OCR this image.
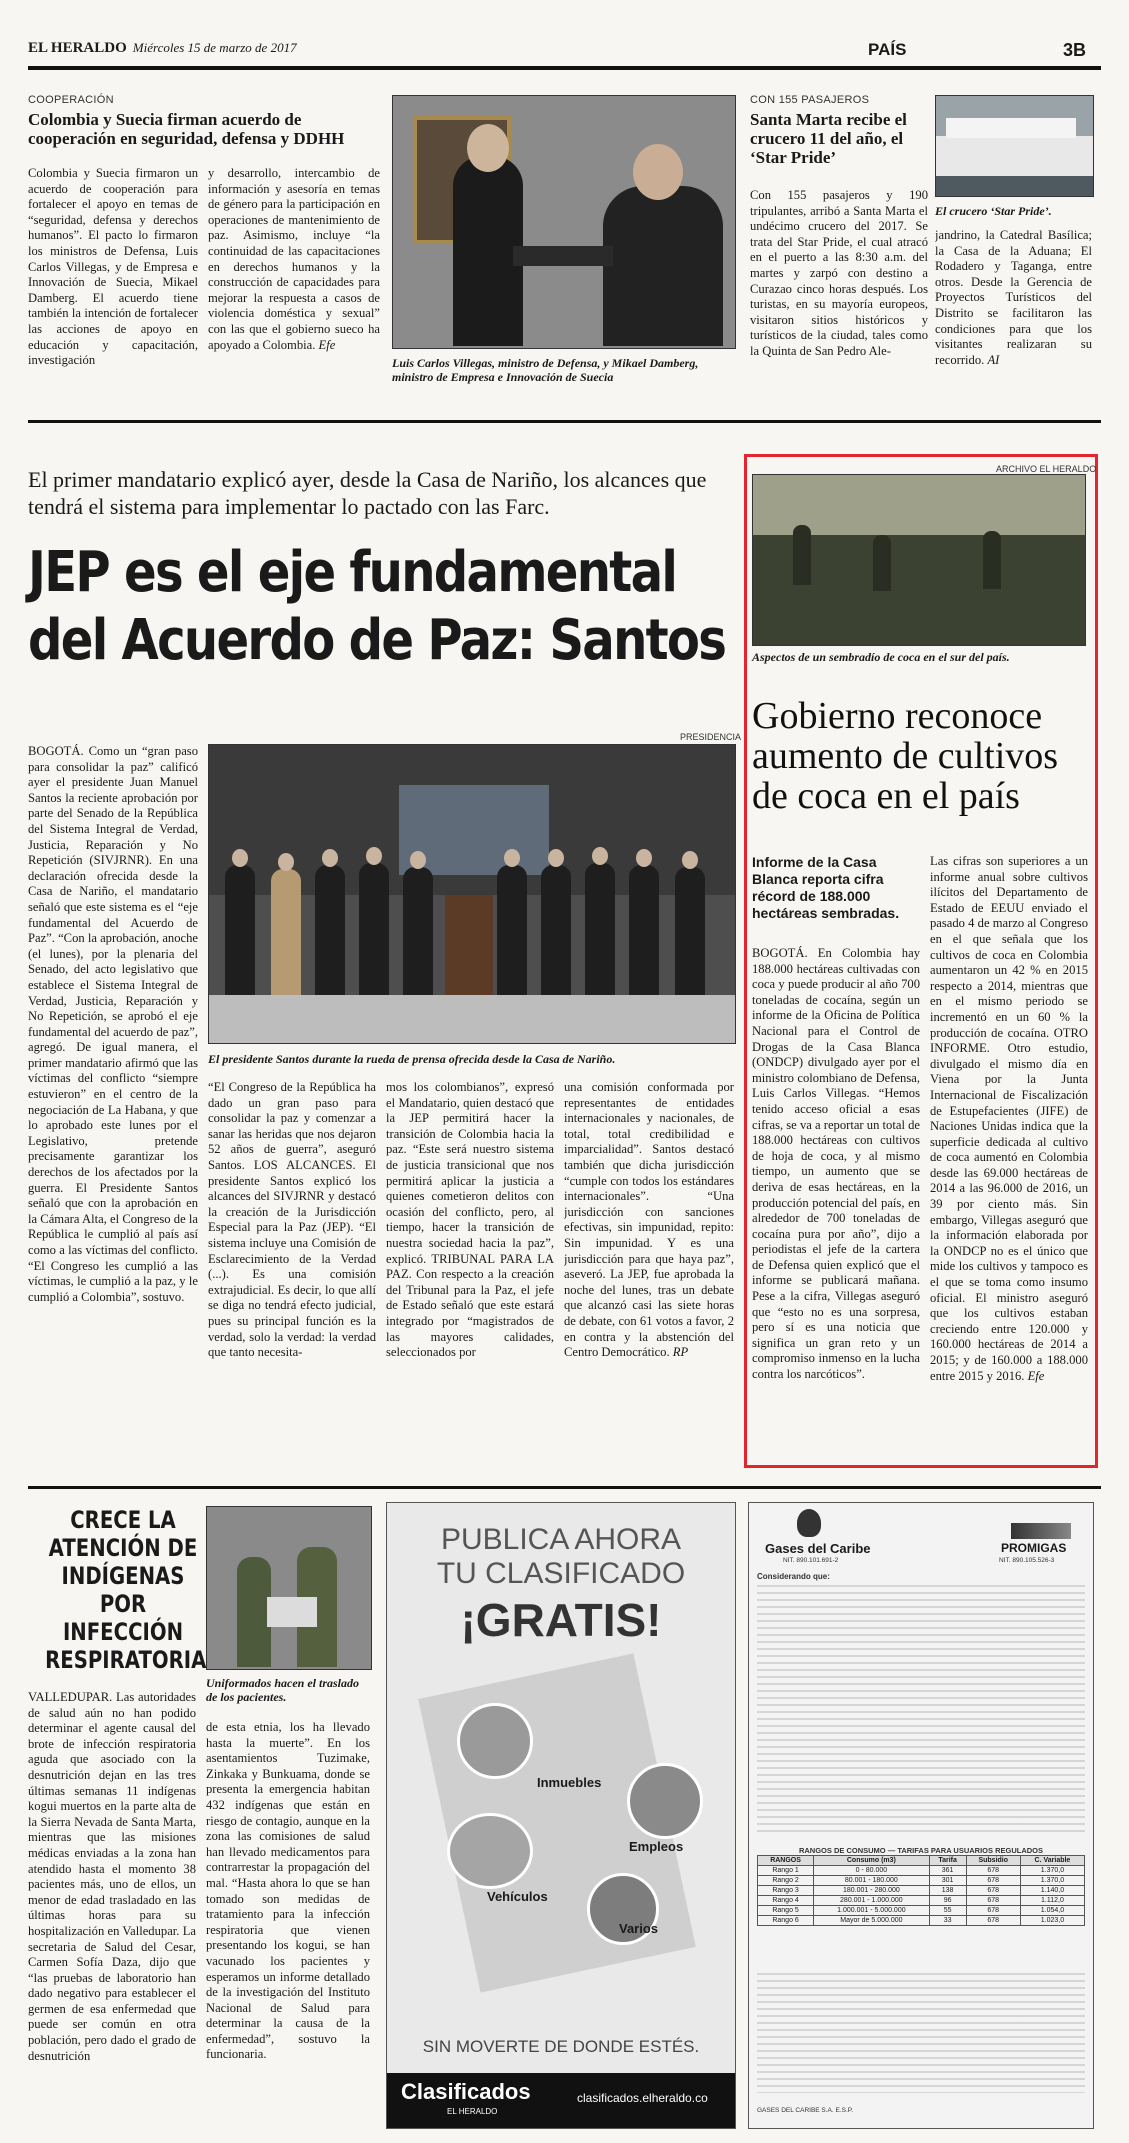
EL HERALDO Miércoles 15 de marzo de 2017	PAÍS	3B
COOPERACIÓN
Colombia y Suecia firman acuerdo de cooperación en seguridad, defensa y DDHH

Colombia y Suecia firmaron un acuerdo de cooperación para fortalecer el apoyo en temas de “seguridad, defensa y derechos humanos”. El pacto lo firmaron los ministros de Defensa, Luis Carlos Villegas, y de Empresa e Innovación de Suecia, Mikael Damberg. El acuerdo tiene también la intención de fortalecer las acciones de apoyo en educación y capacitación, investigación

y desarrollo, intercambio de información y asesoría en temas de género para la participación en operaciones de mantenimiento de paz. Asimismo, incluye “la continuidad de las capacitaciones en derechos humanos y la construcción de capacidades para mejorar la respuesta a casos de violencia doméstica y sexual” con las que el gobierno sueco ha apoyado a Colombia. Efe

Luis Carlos Villegas, ministro de Defensa, y Mikael Damberg, ministro de Empresa e Innovación de Suecia
CON 155 PASAJEROS
Santa Marta recibe el crucero 11 del año, el ‘Star Pride’

Con 155 pasajeros y 190 tripulantes, arribó a Santa Marta el undécimo crucero del 2017. Se trata del Star Pride, el cual atracó en el puerto a las 8:30 a.m. del martes y zarpó con destino a Curazao cinco horas después. Los turistas, en su mayoría europeos, visitaron sitios históricos y turísticos de la ciudad, tales como la Quinta de San Pedro Ale-

El crucero ‘Star Pride’.

jandrino, la Catedral Basílica; la Casa de la Aduana; El Rodadero y Taganga, entre otros. Desde la Gerencia de Proyectos Turísticos del Distrito se facilitaron las condiciones para que los visitantes realizaran su recorrido. AI

El primer mandatario explicó ayer, desde la Casa de Nariño, los alcances que tendrá el sistema para implementar lo pactado con las Farc.
JEP es el eje fundamental
del Acuerdo de Paz: Santos
PRESIDENCIA
El presidente Santos durante la rueda de prensa ofrecida desde la Casa de Nariño.

BOGOTÁ. Como un “gran paso para consolidar la paz” calificó ayer el presidente Juan Manuel Santos la reciente aprobación por parte del Senado de la República del Sistema Integral de Verdad, Justicia, Reparación y No Repetición (SIVJRNR). En una declaración ofrecida desde la Casa de Nariño, el mandatario señaló que este sistema es el “eje fundamental del Acuerdo de Paz”. “Con la aprobación, anoche (el lunes), por la plenaria del Senado, del acto legislativo que establece el Sistema Integral de Verdad, Justicia, Reparación y No Repetición, se aprobó el eje fundamental del acuerdo de paz”, agregó. De igual manera, el primer mandatario afirmó que las víctimas del conflicto “siempre estuvieron” en el centro de la negociación de La Habana, y que lo aprobado este lunes por el Legislativo, pretende precisamente garantizar los derechos de los afectados por la guerra. El Presidente Santos señaló que con la aprobación en la Cámara Alta, el Congreso de la República le cumplió al país así como a las víctimas del conflicto. “El Congreso les cumplió a las víctimas, le cumplió a la paz, y le cumplió a Colombia”, sostuvo.

“El Congreso de la República ha dado un gran paso para consolidar la paz y comenzar a sanar las heridas que nos dejaron 52 años de guerra”, aseguró Santos. LOS ALCANCES. El presidente Santos explicó los alcances del SIVJRNR y destacó la creación de la Jurisdicción Especial para la Paz (JEP). “El sistema incluye una Comisión de Esclarecimiento de la Verdad (...). Es una comisión extrajudicial. Es decir, lo que allí se diga no tendrá efecto judicial, pues su principal función es la verdad, solo la verdad: la verdad que tanto necesita-

mos los colombianos”, expresó el Mandatario, quien destacó que la JEP permitirá hacer la transición de Colombia hacia la paz. “Este será nuestro sistema de justicia transicional que nos permitirá aplicar la justicia a quienes cometieron delitos con ocasión del conflicto, pero, al tiempo, hacer la transición de nuestra sociedad hacia la paz”, explicó. TRIBUNAL PARA LA PAZ. Con respecto a la creación del Tribunal para la Paz, el jefe de Estado señaló que este estará integrado por “magistrados de las mayores calidades, seleccionados por

una comisión conformada por representantes de entidades internacionales y nacionales, de total, total credibilidad e imparcialidad”. Santos destacó también que dicha jurisdicción “cumple con todos los estándares internacionales”. “Una jurisdicción con sanciones efectivas, sin impunidad, repito: Sin impunidad. Y es una jurisdicción para que haya paz”, aseveró. La JEP, fue aprobada la noche del lunes, tras un debate que alcanzó casi las siete horas de debate, con 61 votos a favor, 2 en contra y la abstención del Centro Democrático. RP

ARCHIVO EL HERALDO
Aspectos de un sembradío de coca en el sur del país.
Gobierno reconoce aumento de cultivos de coca en el país
Informe de la Casa Blanca reporta cifra récord de 188.000 hectáreas sembradas.

BOGOTÁ. En Colombia hay 188.000 hectáreas cultivadas con coca y puede producir al año 700 toneladas de cocaína, según un informe de la Oficina de Política Nacional para el Control de Drogas de la Casa Blanca (ONDCP) divulgado ayer por el ministro colombiano de Defensa, Luis Carlos Villegas. “Hemos tenido acceso oficial a esas cifras, se va a reportar un total de 188.000 hectáreas con cultivos de hoja de coca, y al mismo tiempo, un aumento que se deriva de esas hectáreas, en la producción potencial del país, en alrededor de 700 toneladas de cocaína pura por año”, dijo a periodistas el jefe de la cartera de Defensa quien explicó que el informe se publicará mañana. Pese a la cifra, Villegas aseguró que “esto no es una sorpresa, pero sí es una noticia que significa un gran reto y un compromiso inmenso en la lucha contra los narcóticos”.

Las cifras son superiores a un informe anual sobre cultivos ilícitos del Departamento de Estado de EEUU enviado el pasado 4 de marzo al Congreso en el que señala que los cultivos de coca en Colombia aumentaron un 42 % en 2015 respecto a 2014, mientras que en el mismo periodo se incrementó en un 60 % la producción de cocaína. OTRO INFORME. Otro estudio, divulgado el mismo día en Viena por la Junta Internacional de Fiscalización de Estupefacientes (JIFE) de Naciones Unidas indica que la superficie dedicada al cultivo de coca aumentó en Colombia desde las 69.000 hectáreas de 2014 a las 96.000 de 2016, un 39 por ciento más. Sin embargo, Villegas aseguró que la información elaborada por la ONDCP no es el único que mide los cultivos y tampoco es el que se toma como insumo oficial. El ministro aseguró que los cultivos estaban creciendo entre 120.000 y 160.000 hectáreas de 2014 a 2015; y de 160.000 a 188.000 entre 2015 y 2016. Efe

CRECE LA ATENCIÓN DE INDÍGENAS POR INFECCIÓN RESPIRATORIA
Uniformados hacen el traslado de los pacientes.

VALLEDUPAR. Las autoridades de salud aún no han podido determinar el agente causal del brote de infección respiratoria aguda que asociado con la desnutrición dejan en las tres últimas semanas 11 indígenas kogui muertos en la parte alta de la Sierra Nevada de Santa Marta, mientras que las misiones médicas enviadas a la zona han atendido hasta el momento 38 pacientes más, uno de ellos, un menor de edad trasladado en las últimas horas para su hospitalización en Valledupar. La secretaria de Salud del Cesar, Carmen Sofía Daza, dijo que “las pruebas de laboratorio han dado negativo para establecer el germen de esa enfermedad que puede ser común en otra población, pero dado el grado de desnutrición

de esta etnia, los ha llevado hasta la muerte”. En los asentamientos Tuzimake, Zinkaka y Bunkuama, donde se presenta la emergencia habitan 432 indígenas que están en riesgo de contagio, aunque en la zona las comisiones de salud han llevado medicamentos para contrarrestar la propagación del mal. “Hasta ahora lo que se han tomado son medidas de tratamiento para la infección respiratoria que vienen presentando los kogui, se han vacunado los pacientes y esperamos un informe detallado de la investigación del Instituto Nacional de Salud para determinar la causa de la enfermedad”, sostuvo la funcionaria.

PUBLICA AHORA
TU CLASIFICADO
¡GRATIS!
Inmuebles
Empleos
Vehículos
Varios
SIN MOVERTE DE DONDE ESTÉS.
Clasificados
EL HERALDO
clasificados.elheraldo.co
Gases del Caribe
NIT. 890.101.691-2
PROMIGAS
NIT. 890.105.526-3
Considerando que:
RANGOS DE CONSUMO — TARIFAS PARA USUARIOS REGULADOS
RANGOS	Consumo (m3)	Tarifa	Subsidio	C. Variable
Rango 1	0 - 80.000	361	678	1.370,0
Rango 2	80.001 - 180.000	301	678	1.370,0
Rango 3	180.001 - 280.000	138	678	1.140,0
Rango 4	280.001 - 1.000.000	96	678	1.112,0
Rango 5	1.000.001 - 5.000.000	55	678	1.054,0
Rango 6	Mayor de 5.000.000	33	678	1.023,0
GASES DEL CARIBE S.A. E.S.P.
